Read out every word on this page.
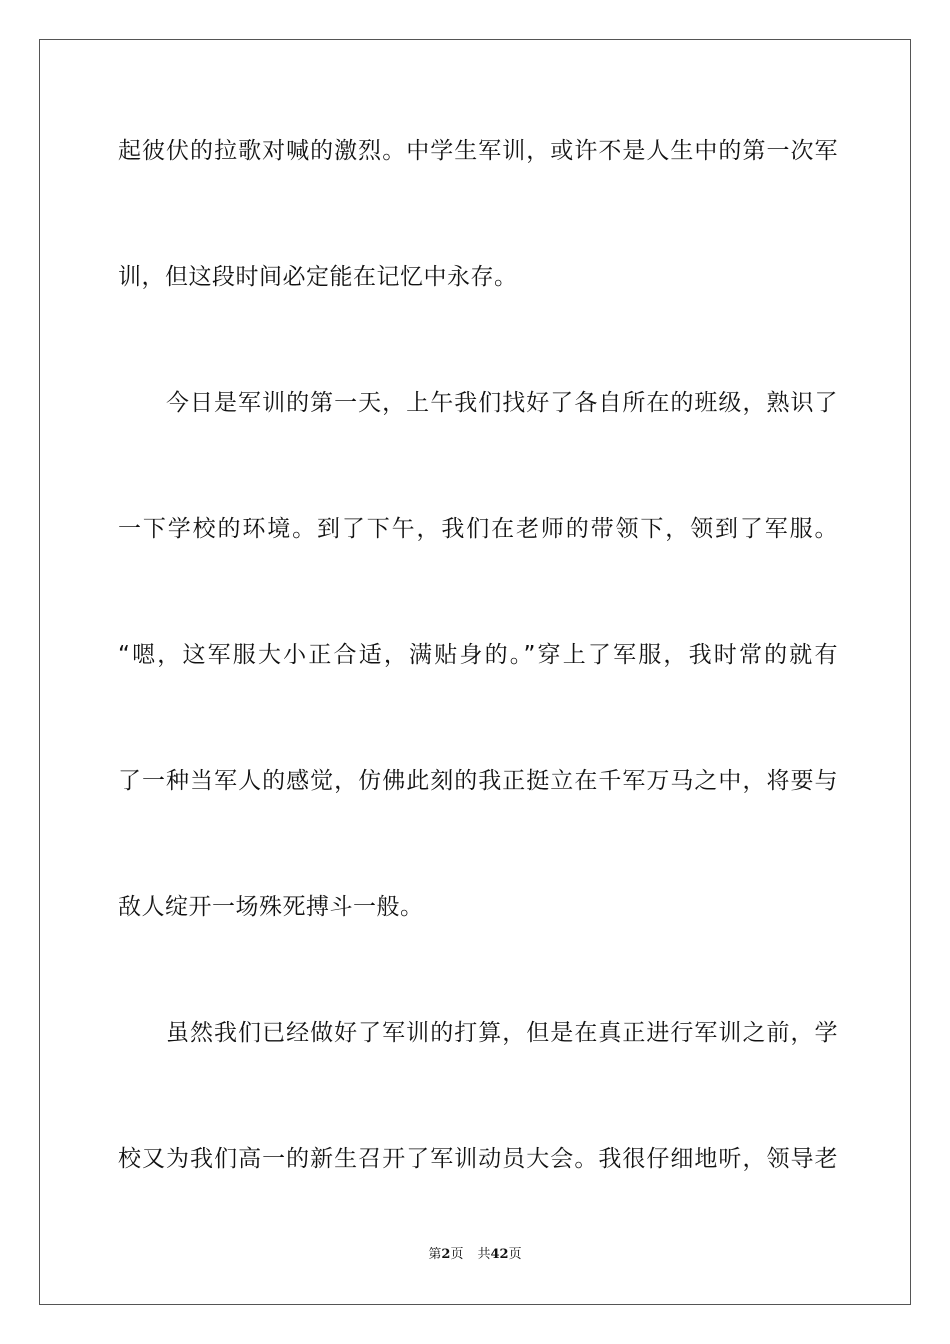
起彼伏的拉歌对喊的激烈。中学生军训，或许不是人生中的第一次军
训，但这段时间必定能在记忆中永存。
今日是军训的第一天，上午我们找好了各自所在的班级，熟识了
一下学校的环境。到了下午，我们在老师的带领下，领到了军服。
“嗯，这军服大小正合适，满贴身的。”穿上了军服，我时常的就有
了一种当军人的感觉，仿佛此刻的我正挺立在千军万马之中，将要与
敌人绽开一场殊死搏斗一般。
虽然我们已经做好了军训的打算，但是在真正进行军训之前，学
校又为我们高一的新生召开了军训动员大会。我很仔细地听，领导老
第2页 共42页
